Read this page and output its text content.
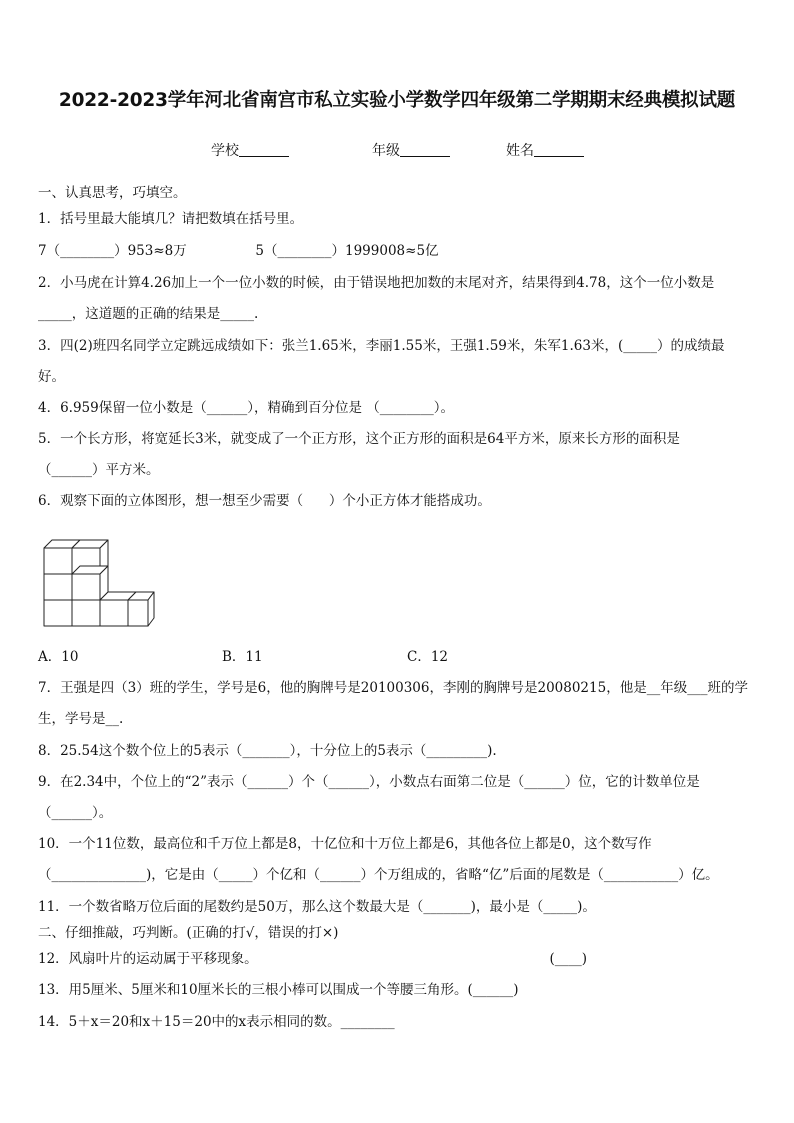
2022-2023学年河北省南宫市私立实验小学数学四年级第二学期期末经典模拟试题
学校	年级	姓名
一、认真思考，巧填空。
1．括号里最大能填几？请把数填在括号里。
7（________）953≈8万                5（________）1999008≈5亿
2．小马虎在计算4.26加上一个一位小数的时候，由于错误地把加数的末尾对齐，结果得到4.78，这个一位小数是
_____，这道题的正确的结果是_____.
3．四(2)班四名同学立定跳远成绩如下：张兰1.65米，李丽1.55米，王强1.59米，朱军1.63米，(_____）的成绩最
好。
4．6.959保留一位小数是（______），精确到百分位是 （________）。
5．一个长方形，将宽延长3米，就变成了一个正方形，这个正方形的面积是64平方米，原来长方形的面积是
（______）平方米。
6．观察下面的立体图形，想一想至少需要（      ）个小正方体才能搭成功。
A．10	B．11	C．12
7．王强是四（3）班的学生，学号是6，他的胸牌号是20100306，李刚的胸牌号是20080215，他是__年级___班的学
生，学号是__.
8．25.54这个数个位上的5表示（_______），十分位上的5表示（_________).
9．在2.34中，个位上的“2”表示（______）个（______），小数点右面第二位是（______）位，它的计数单位是
（______）。
10．一个11位数，最高位和千万位上都是8，十亿位和十万位上都是6，其他各位上都是0，这个数写作
（______________)，它是由（_____）个亿和（______）个万组成的，省略“亿”后面的尾数是（___________）亿。
11．一个数省略万位后面的尾数约是50万，那么这个数最大是（_______)，最小是（_____)。
二、仔细推敲，巧判断。(正确的打√，错误的打×)
12．风扇叶片的运动属于平移现象。                                                                    (____)
13．用5厘米、5厘米和10厘米长的三根小棒可以围成一个等腰三角形。(______)
14．5＋x＝20和x＋15＝20中的x表示相同的数。________
